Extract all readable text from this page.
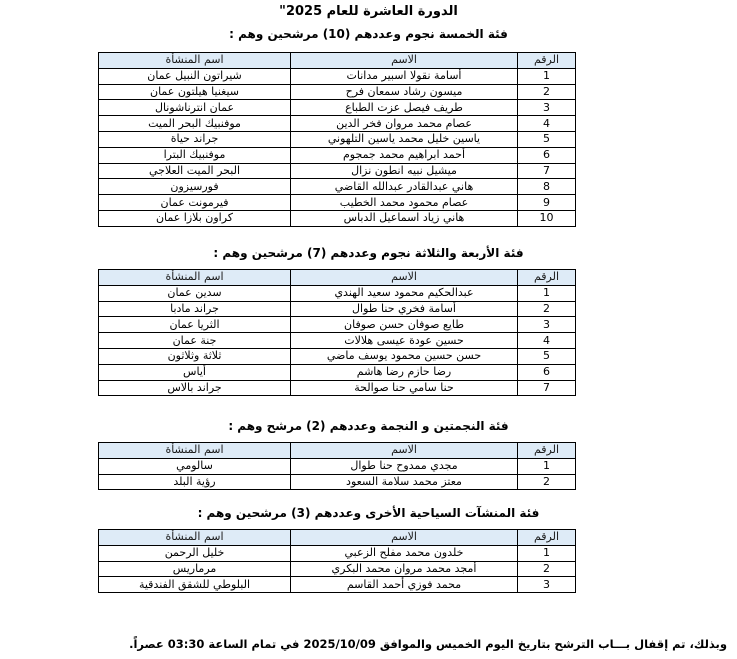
الدورة العاشرة للعام 2025"
فئة الخمسة نجوم وعددهم (10) مرشحين وهم :
الرقم	الاسم	اسم المنشأة
1	أسامة نقولا اسبير مدانات	شيراتون النبيل عمان
2	ميسون رشاد سمعان فرح	سيغنيا هيلتون عمان
3	طريف فيصل عزت الطباع	عمان انترناشونال
4	عصام محمد مروان فخر الدين	موفنبيك البحر الميت
5	ياسين خليل محمد ياسين التلهوني	جراند حياة
6	أحمد ابراهيم محمد جمجوم	موفنبيك البترا
7	ميشيل نبيه انطون نزال	البحر الميت العلاجي
8	هاني عبدالقادر عبدالله القاضي	فورسيزون
9	عصام محمود محمد الخطيب	فيرمونت عمان
10	هاني زياد اسماعيل الدباس	كراون بلازا عمان
فئة الأربعة والثلاثة نجوم وعددهم (7) مرشحين وهم :
الرقم	الاسم	اسم المنشأة
1	عبدالحكيم محمود سعيد الهندي	سدين عمان
2	أسامة فخري حنا طوال	جراند مادبا
3	طايع صوفان حسن صوفان	الثريا عمان
4	حسين عودة عيسى هلالات	جنة عمان
5	حسن حسين محمود يوسف ماضي	ثلاثة وثلاثون
6	رضا حازم رضا هاشم	أياس
7	حنا سامي حنا صوالحة	جراند بالاس
فئة النجمتين و النجمة وعددهم (2) مرشح وهم :
الرقم	الاسم	اسم المنشأة
1	مجدي ممدوح حنا طوال	سالومي
2	معتز محمد سلامة السعود	رؤية البلد
فئة المنشآت السياحية الأخرى وعددهم (3) مرشحين وهم :
الرقم	الاسم	اسم المنشأة
1	خلدون محمد مفلح الزعبي	خليل الرحمن
2	أمجد محمد مروان محمد البكري	مرماريس
3	محمد فوزي أحمد القاسم	البلوطي للشقق الفندقية
وبذلك، تم إقفال بـــاب الترشح بتاريخ اليوم الخميس والموافق 2025/10/09 في تمام الساعة 03:30 عصراً.
